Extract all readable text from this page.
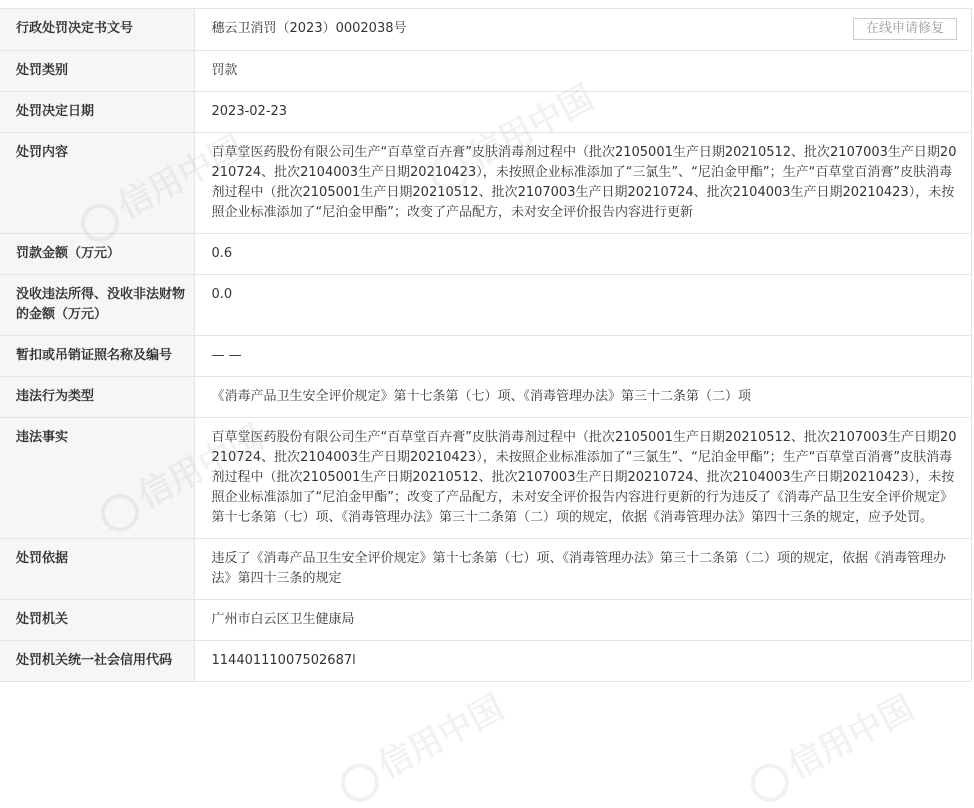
行政处罚决定书文号	穗云卫消罚（2023）0002038号 在线申请修复

处罚类别	罚款
处罚决定日期	2023-02-23
处罚内容	百草堂医药股份有限公司生产“百草堂百卉膏”皮肤消毒剂过程中（批次2105001生产日期20210512、批次2107003生产日期20210724、批次2104003生产日期20210423），未按照企业标准添加了“三氯生”、“尼泊金甲酯”；生产“百草堂百消膏”皮肤消毒剂过程中（批次2105001生产日期20210512、批次2107003生产日期20210724、批次2104003生产日期20210423），未按照企业标准添加了“尼泊金甲酯”；改变了产品配方，未对安全评价报告内容进行更新
罚款金额（万元）	0.6
没收违法所得、没收非法财物的金额（万元）	0.0
暂扣或吊销证照名称及编号	— —
违法行为类型	《消毒产品卫生安全评价规定》第十七条第（七）项、《消毒管理办法》第三十二条第（二）项
违法事实	百草堂医药股份有限公司生产“百草堂百卉膏”皮肤消毒剂过程中（批次2105001生产日期20210512、批次2107003生产日期20210724、批次2104003生产日期20210423），未按照企业标准添加了“三氯生”、“尼泊金甲酯”；生产“百草堂百消膏”皮肤消毒剂过程中（批次2105001生产日期20210512、批次2107003生产日期20210724、批次2104003生产日期20210423），未按照企业标准添加了“尼泊金甲酯”；改变了产品配方，未对安全评价报告内容进行更新的行为违反了《消毒产品卫生安全评价规定》第十七条第（七）项、《消毒管理办法》第三十二条第（二）项的规定，依据《消毒管理办法》第四十三条的规定，应予处罚。
处罚依据	违反了《消毒产品卫生安全评价规定》第十七条第（七）项、《消毒管理办法》第三十二条第（二）项的规定，依据《消毒管理办法》第四十三条的规定
处罚机关	广州市白云区卫生健康局
处罚机关统一社会信用代码	11440111007502687l
信用中国
信用中国
信用中国
信用中国
